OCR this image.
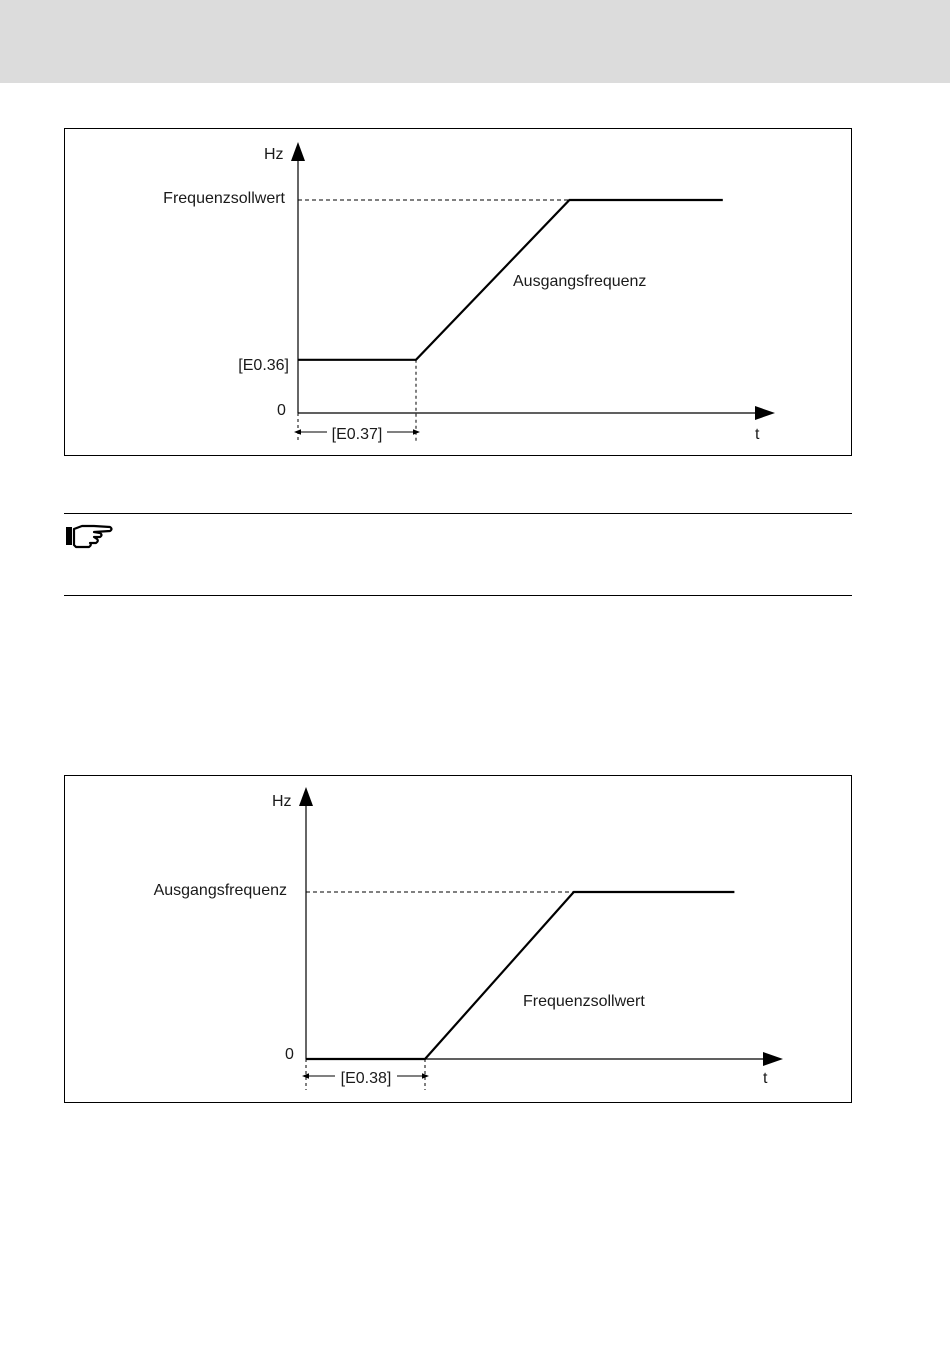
Hz
t
0
Frequenzsollwert
[E0.36]
Ausgangsfrequenz
[E0.37]
Hz
t
0
Ausgangsfrequenz
Frequenzsollwert
[E0.38]
